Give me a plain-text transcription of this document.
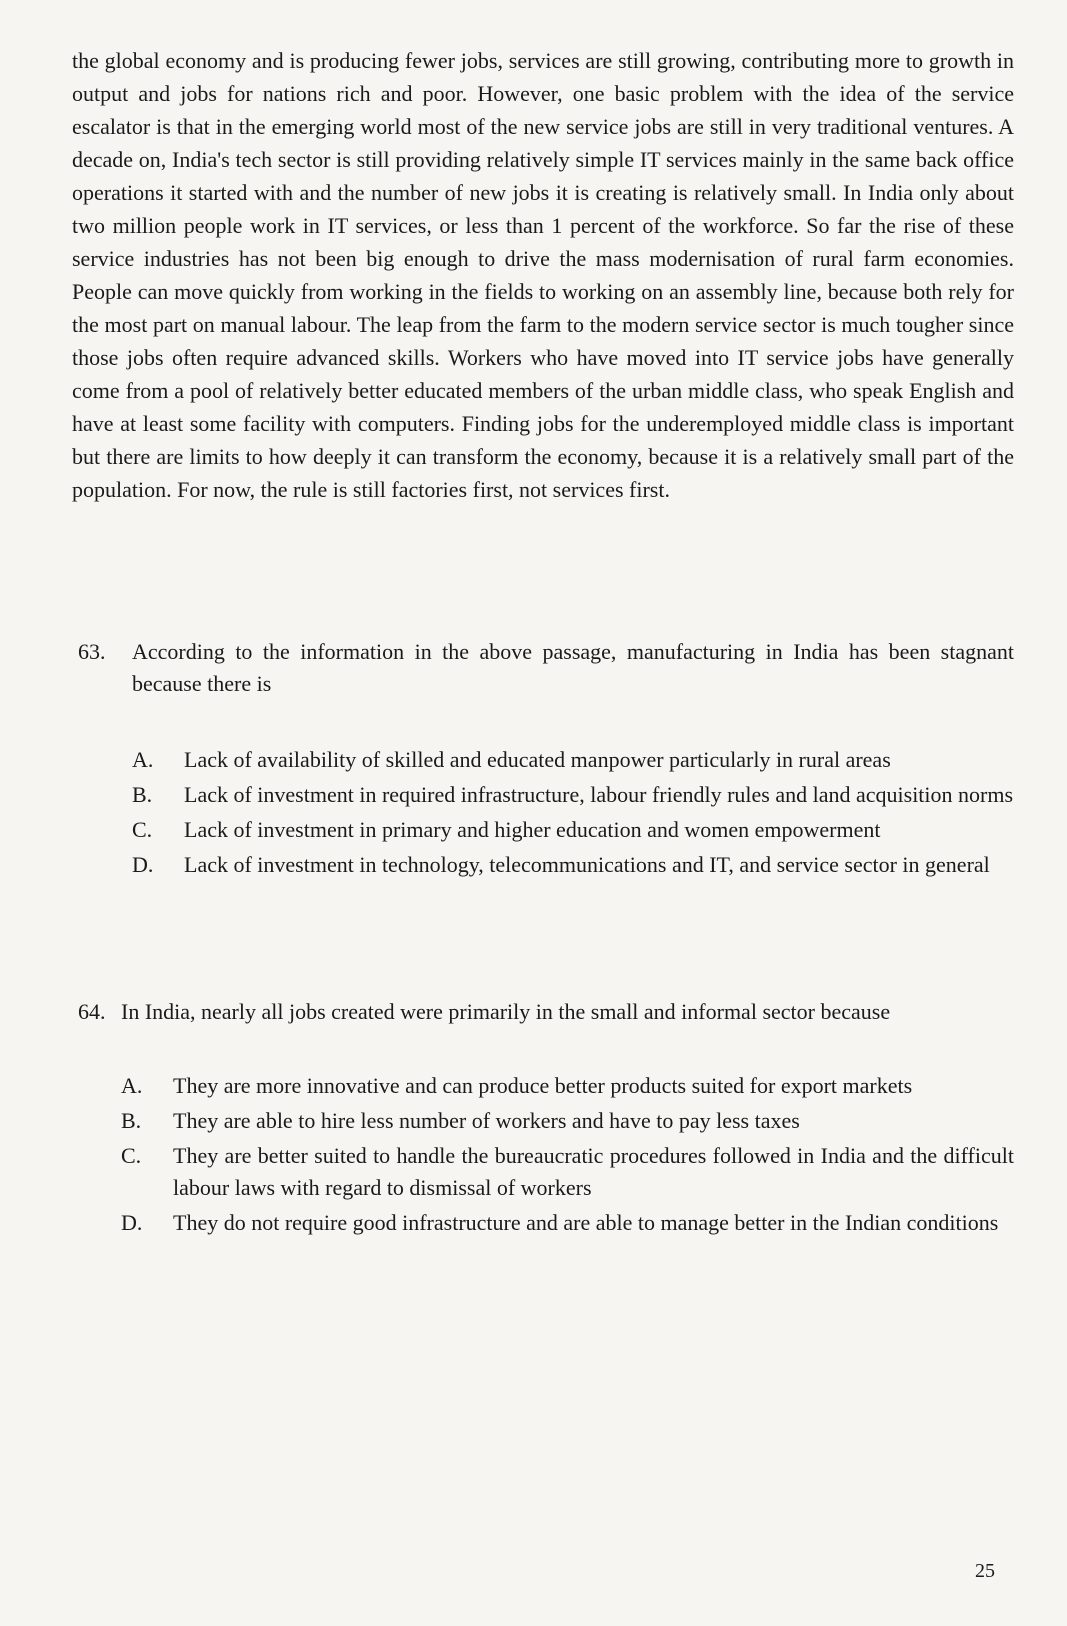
the global economy and is producing fewer jobs, services are still growing, contributing more to growth in output and jobs for nations rich and poor. However, one basic problem with the idea of the service escalator is that in the emerging world most of the new service jobs are still in very traditional ventures. A decade on, India's tech sector is still providing relatively simple IT services mainly in the same back office operations it started with and the number of new jobs it is creating is relatively small. In India only about two million people work in IT services, or less than 1 percent of the workforce. So far the rise of these service industries has not been big enough to drive the mass modernisation of rural farm economies. People can move quickly from working in the fields to working on an assembly line, because both rely for the most part on manual labour. The leap from the farm to the modern service sector is much tougher since those jobs often require advanced skills. Workers who have moved into IT service jobs have generally come from a pool of relatively better educated members of the urban middle class, who speak English and have at least some facility with computers. Finding jobs for the underemployed middle class is important but there are limits to how deeply it can transform the economy, because it is a relatively small part of the population. For now, the rule is still factories first, not services first.

63.	According to the information in the above passage, manufacturing in India has been stagnant because there is
A.	Lack of availability of skilled and educated manpower particularly in rural areas
B.	Lack of investment in required infrastructure, labour friendly rules and land acquisition norms
C.	Lack of investment in primary and higher education and women empowerment
D.	Lack of investment in technology, telecommunications and IT, and service sector in general
64. In India, nearly all jobs created were primarily in the small and informal sector because
A.	They are more innovative and can produce better products suited for export markets
B.	They are able to hire less number of workers and have to pay less taxes
C.	They are better suited to handle the bureaucratic procedures followed in India and the difficult labour laws with regard to dismissal of workers
D.	They do not require good infrastructure and are able to manage better in the Indian conditions
25
